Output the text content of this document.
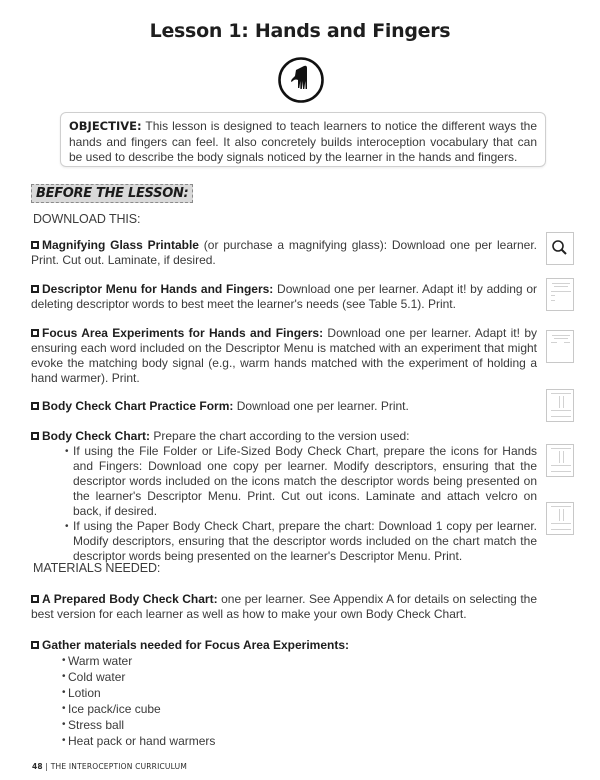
Lesson 1: Hands and Fingers
OBJECTIVE: This lesson is designed to teach learners to notice the different ways the hands and fingers can feel. It also concretely builds interoception vocabulary that can be used to describe the body signals noticed by the learner in the hands and fingers.
BEFORE THE LESSON:
DOWNLOAD THIS:
Magnifying Glass Printable (or purchase a magnifying glass): Download one per learner. Print. Cut out. Laminate, if desired.
Descriptor Menu for Hands and Fingers: Download one per learner. Adapt it! by adding or deleting descriptor words to best meet the learner's needs (see Table 5.1). Print.
Focus Area Experiments for Hands and Fingers: Download one per learner. Adapt it! by ensuring each word included on the Descriptor Menu is matched with an experiment that might evoke the matching body signal (e.g., warm hands matched with the experiment of holding a hand warmer). Print.
Body Check Chart Practice Form: Download one per learner. Print.
Body Check Chart: Prepare the chart according to the version used:
• If using the File Folder or Life-Sized Body Check Chart, prepare the icons for Hands and Fingers: Download one copy per learner. Modify descriptors, ensuring that the descriptor words included on the icons match the descriptor words being presented on the learner's Descriptor Menu. Print. Cut out icons. Laminate and attach velcro on back, if desired.
• If using the Paper Body Check Chart, prepare the chart: Download 1 copy per learner. Modify descriptors, ensuring that the descriptor words included on the chart match the descriptor words being presented on the learner's Descriptor Menu. Print.
MATERIALS NEEDED:
A Prepared Body Check Chart: one per learner. See Appendix A for details on selecting the best version for each learner as well as how to make your own Body Check Chart.
Gather materials needed for Focus Area Experiments:
• Warm water
• Cold water
• Lotion
• Ice pack/ice cube
• Stress ball
• Heat pack or hand warmers
48 | THE INTEROCEPTION CURRICULUM
